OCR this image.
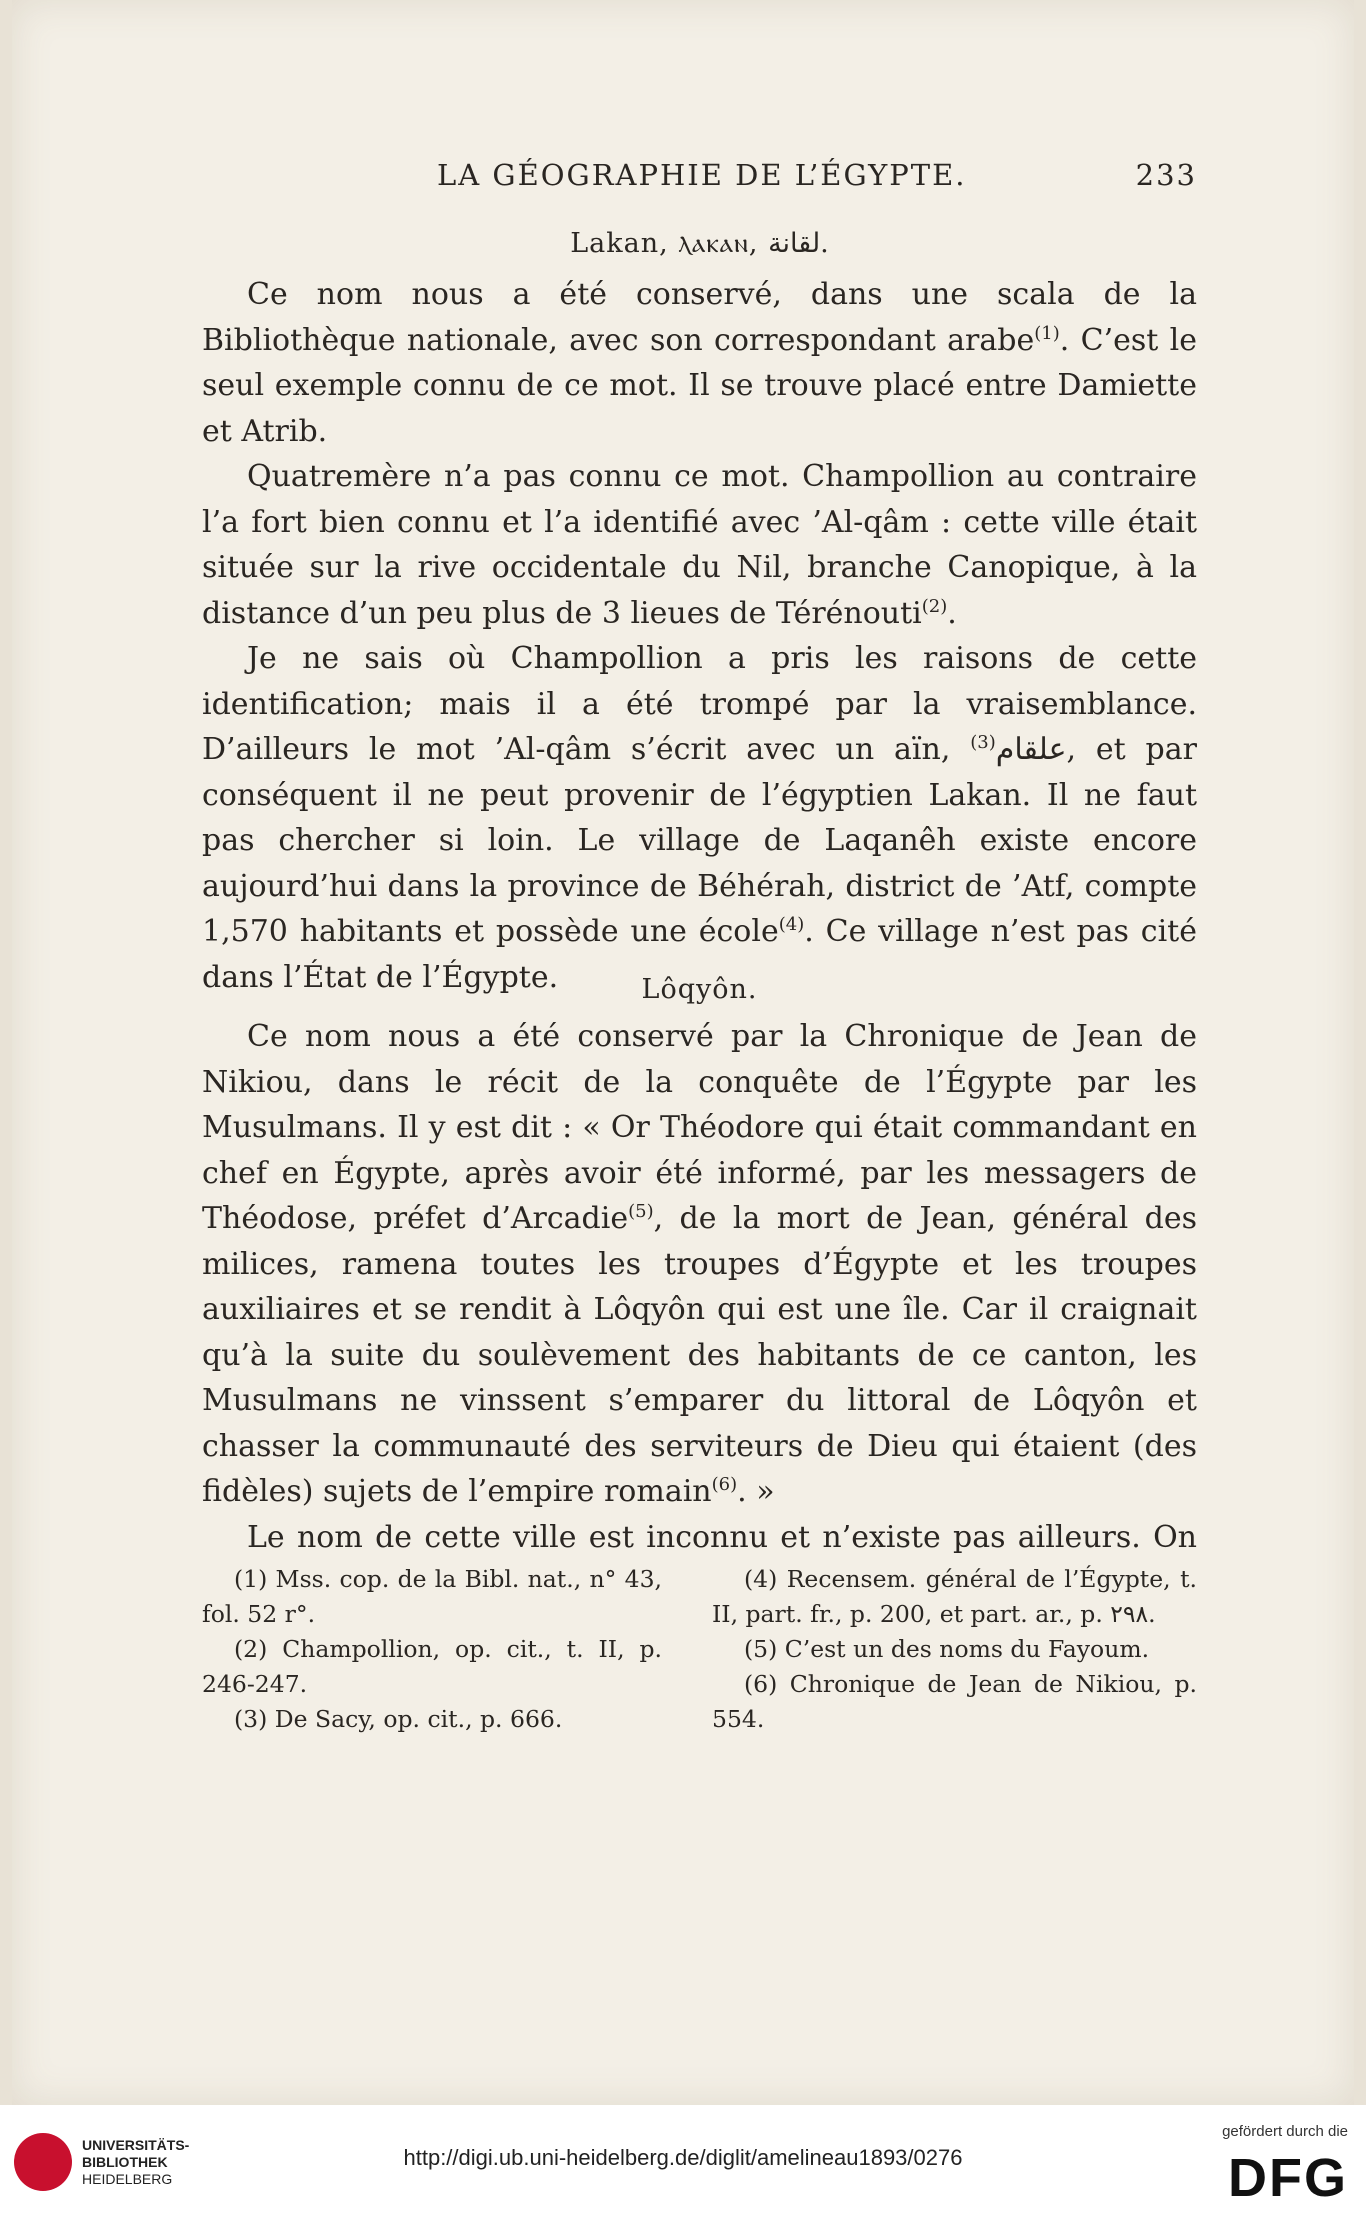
LA GÉOGRAPHIE DE L’ÉGYPTE.	233
Lakan, ⲗⲁⲕⲁⲛ, لقانة.

Ce nom nous a été conservé, dans une scala de la Bibliothèque nationale, avec son correspondant arabe$^{(1)}$. C’est le seul exemple connu de ce mot. Il se trouve placé entre Damiette et Atrib.

Quatremère n’a pas connu ce mot. Champollion au contraire l’a fort bien connu et l’a identifié avec ’Al-qâm : cette ville était située sur la rive occidentale du Nil, branche Canopique, à la distance d’un peu plus de 3 lieues de Térénouti$^{(2)}$.

Je ne sais où Champollion a pris les raisons de cette identification; mais il a été trompé par la vraisemblance. D’ailleurs le mot ’Al-qâm s’écrit avec un aïn, علقام$^{(3)}$ , et par conséquent il ne peut provenir de l’égyptien Lakan. Il ne faut pas chercher si loin. Le village de Laqanêh existe encore aujourd’hui dans la province de Béhérah, district de ’Atf, compte 1,570 habitants et possède une école$^{(4)}$. Ce village n’est pas cité dans l’État de l’Égypte.	Lôqyôn.

Ce nom nous a été conservé par la Chronique de Jean de Nikiou, dans le récit de la conquête de l’Égypte par les Musulmans. Il y est dit : « Or Théodore qui était commandant en chef en Égypte, après avoir été informé, par les messagers de Théodose, préfet d’Arcadie$^{(5)}$, de la mort de Jean, général des milices, ramena toutes les troupes d’Égypte et les troupes auxiliaires et se rendit à Lôqyôn qui est une île. Car il craignait qu’à la suite du soulèvement des habitants de ce canton, les Musulmans ne vinssent s’emparer du littoral de Lôqyôn et chasser la communauté des serviteurs de Dieu qui étaient (des fidèles) sujets de l’empire romain$^{(6)}$. »

Le nom de cette ville est inconnu et n’existe pas ailleurs. On

(1) Mss. cop. de la Bibl. nat., n° 43, fol. 52 r°.

(2) Champollion, op. cit., t. II, p. 246-247.

(3) De Sacy, op. cit., p. 666.

(4) Recensem. général de l’Égypte, t. II, part. fr., p. 200, et part. ar., p. ٢٩٨.

(5) C’est un des noms du Fayoum.

(6) Chronique de Jean de Nikiou, p. 554.

UNIVERSITÄTS-
BIBLIOTHEK
HEIDELBERG
http://digi.ub.uni-heidelberg.de/diglit/amelineau1893/0276
gefördert durch die
DFG
